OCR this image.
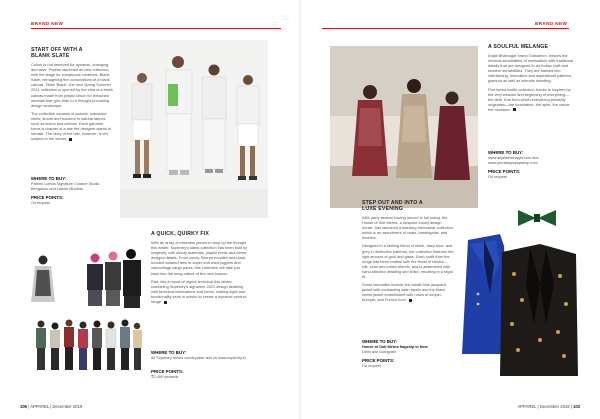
BRAND NEW
START OFF WITH A
BLANK SLATE

Colour is not reserved for dynamic, changing, and alive. Pareek launched all-new collection with the stage for sumptuous creations. Blank Slate, reimagining the connotations of a blank canvas. Titled 'Blank', the new Spring Summer 2021 collection is opened by the idea of a blank canvas made from playful kitsch for bleached neutrals that give birth to a thought-provoking design landscape.

The collection consists of jackets, oversized shirts, shorts and trousers in natural fabrics such as linens and cottons. Each garment forms a chapter of a tale the designer wants to narrate. The story of the tale, however, is left subject to the viewer.

WHERE TO BUY:
Pareek Lumba Signature Couture Studio, Bengaluru and Lakme Mumbai
PRICE POINTS:
On request
A QUICK, QUIRKY FIX

With an array of essential pieces to amp up the thought this winter, Superdry's latest collection has been built by longevity, with sturdy materials, playful prints and clever designs details. From comfy Sherpa hoodies and black hooded collared tees to super-soft lined joggers and camouflage cargo pants, this collection will take you back into the snug nature of the new season.

Rise into a mood of urgent technical this winter, combining Superdry's signature 2021 design detailing with technical fabrications and forms, making style and functionality work in unison to create a dynamic product range.

WHERE TO BUY:
All Superdry stores countrywide and on www.superdry.in
PRICE POINTS:
₹2,499 onwards
106 | APPAREL | December 2019
BRAND NEW
A SOULFUL MELANGE

Anjali Bhatnagar brand Gamaleon, infuses the minimal sensibilities of minimalism with traditional details that are designed to do Indian craft and modern sensibilities. They are stained into intertwining, innovative and aspirational patterns, glamour as well as intimate detailing.

Five tiered textile collection blocks is inspired by the very weaves and beginning of everything—the birth, that from which everything primarily originates—the foundation, the spirit, the cause, the occasion.

WHERE TO BUY:
www.anjalibhatnagar.com and www.pernialapopupshop.com
PRICE POINTS:
On request
STEP OUT AND INTO A
LUXE EVENING

With party season having arrived in full swing, the House of Sutl Mehra, a bespoke luxury design house, has launched a dazzling menswear collection, which is an assortment of coats, bandhgalas, and tuxedos.

Designed in a striking blend of black, deep blue, and grey in distinctive patterns, the collection features the light amount of gold and glass. Each outfit from the range has been crafted with the finest of fabrics—silk, wool and cotton blends, and is assembled with hand-stitched detailing and finish, resulting in a regal fit.

Some favourites include the cobalt blue jacquard jacket with contrasting satin lapels and the black velvet jacket embellished with roses of sequin, trumpet, and French horn.

WHERE TO BUY:
House of Sutl Mehra flagship in New
Delhi and Gurugram
PRICE POINTS:
On request
APPAREL | December 2019 | 103
